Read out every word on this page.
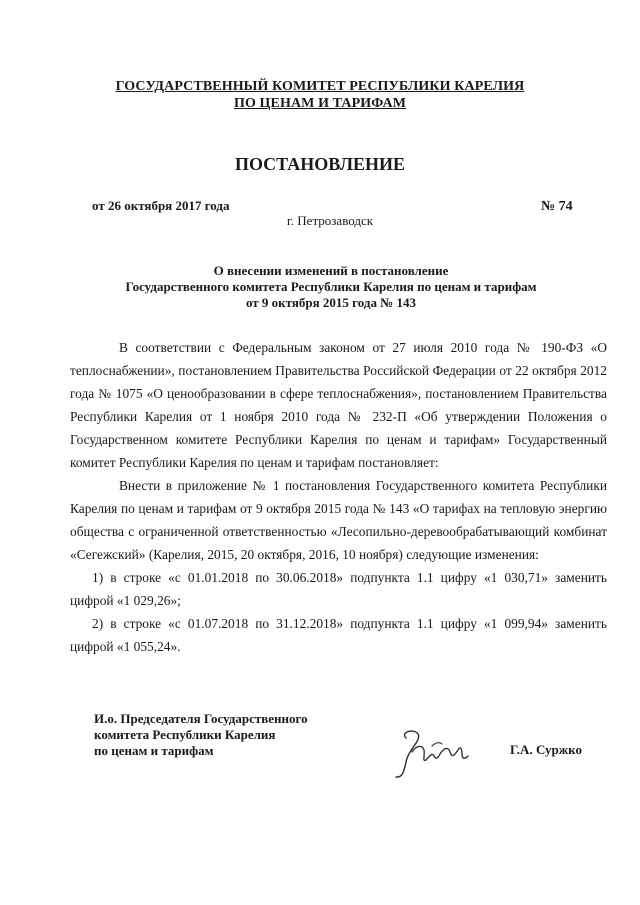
ГОСУДАРСТВЕННЫЙ КОМИТЕТ РЕСПУБЛИКИ КАРЕЛИЯ
ПО ЦЕНАМ И ТАРИФАМ
ПОСТАНОВЛЕНИЕ
от 26 октября 2017 года	№ 74
г. Петрозаводск
О внесении изменений в постановление
Государственного комитета Республики Карелия по ценам и тарифам
от 9 октября 2015 года № 143
В соответствии с Федеральным законом от 27 июля 2010 года № 190-ФЗ «О теплоснабжении», постановлением Правительства Российской Федерации от 22 октября 2012 года № 1075 «О ценообразовании в сфере теплоснабжения», постановлением Правительства Республики Карелия от 1 ноября 2010 года № 232-П «Об утверждении Положения о Государственном комитете Республики Карелия по ценам и тарифам» Государственный комитет Республики Карелия по ценам и тарифам постановляет:
Внести в приложение № 1 постановления Государственного комитета Республики Карелия по ценам и тарифам от 9 октября 2015 года № 143 «О тарифах на тепловую энергию общества с ограниченной ответственностью «Лесопильно-деревообрабатывающий комбинат «Сегежский» (Карелия, 2015, 20 октября, 2016, 10 ноября) следующие изменения:
1) в строке «с 01.01.2018 по 30.06.2018» подпункта 1.1 цифру «1 030,71» заменить цифрой «1 029,26»;
2) в строке «с 01.07.2018 по 31.12.2018» подпункта 1.1 цифру «1 099,94» заменить цифрой «1 055,24».
И.о. Председателя Государственного
комитета Республики Карелия
по ценам и тарифам	Г.А. Суржко
